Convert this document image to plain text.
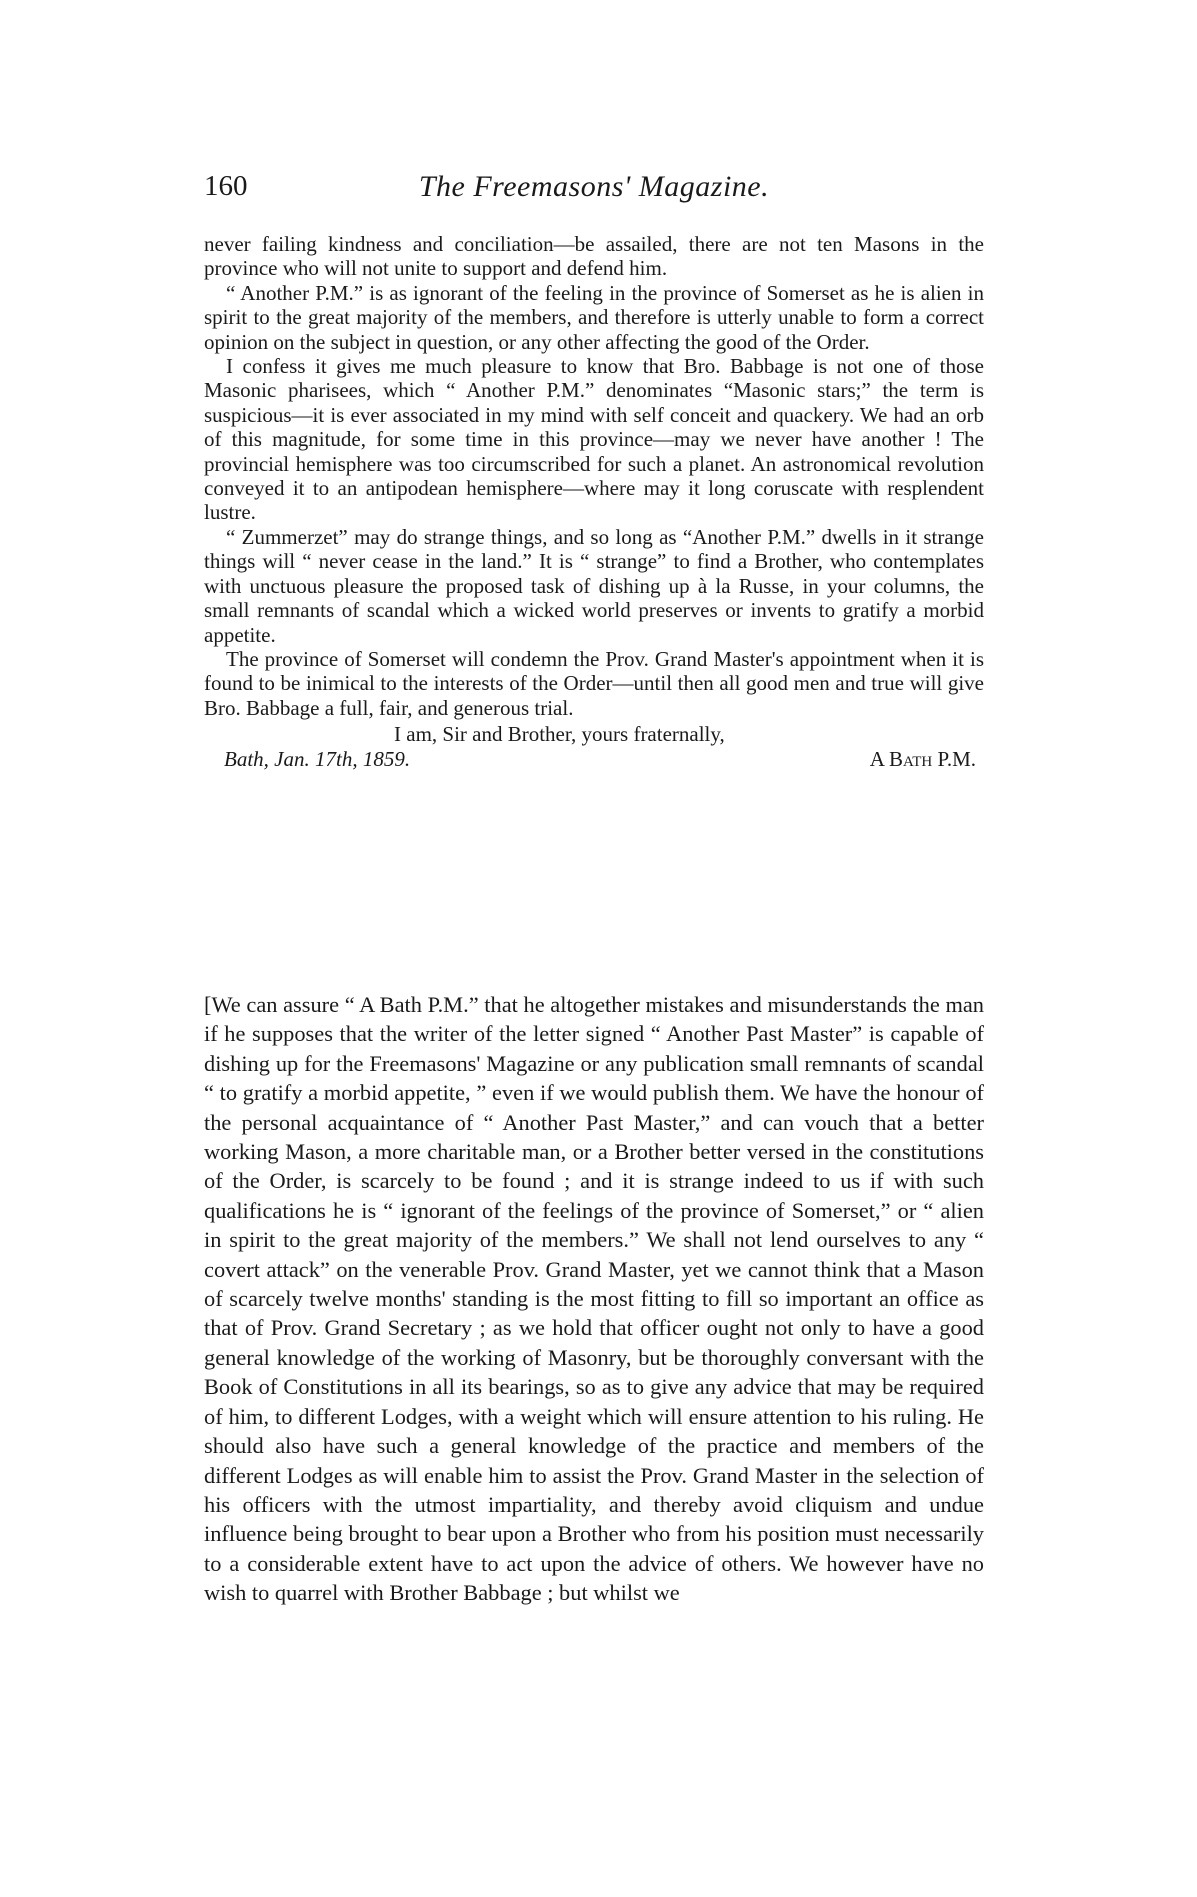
160	The Freemasons' Magazine.

never failing kindness and conciliation—be assailed, there are not ten Masons in the province who will not unite to support and defend him.

“ Another P.M.” is as ignorant of the feeling in the province of Somerset as he is alien in spirit to the great majority of the members, and therefore is utterly unable to form a correct opinion on the subject in question, or any other affecting the good of the Order.

I confess it gives me much pleasure to know that Bro. Babbage is not one of those Masonic pharisees, which “ Another P.M.” denominates “Masonic stars;” the term is suspicious—it is ever associated in my mind with self conceit and quackery. We had an orb of this magnitude, for some time in this province—may we never have another ! The provincial hemisphere was too circumscribed for such a planet. An astronomical revolution conveyed it to an antipodean hemisphere—where may it long coruscate with resplendent lustre.

“ Zummerzet” may do strange things, and so long as “Another P.M.” dwells in it strange things will “ never cease in the land.” It is “ strange” to find a Brother, who contemplates with unctuous pleasure the proposed task of dishing up à la Russe, in your columns, the small remnants of scandal which a wicked world preserves or invents to gratify a morbid appetite.

The province of Somerset will condemn the Prov. Grand Master's appointment when it is found to be inimical to the interests of the Order—until then all good men and true will give Bro. Babbage a full, fair, and generous trial.

I am, Sir and Brother, yours fraternally,
Bath, Jan. 17th, 1859.	A Bath P.M.

[We can assure “ A Bath P.M.” that he altogether mistakes and misunderstands the man if he supposes that the writer of the letter signed “ Another Past Master” is capable of dishing up for the Freemasons' Magazine or any publication small remnants of scandal “ to gratify a morbid appetite, ” even if we would publish them. We have the honour of the personal acquaintance of “ Another Past Master,” and can vouch that a better working Mason, a more charitable man, or a Brother better versed in the constitutions of the Order, is scarcely to be found ; and it is strange indeed to us if with such qualifications he is “ ignorant of the feelings of the province of Somerset,” or “ alien in spirit to the great majority of the members.” We shall not lend ourselves to any “ covert attack” on the venerable Prov. Grand Master, yet we cannot think that a Mason of scarcely twelve months' standing is the most fitting to fill so important an office as that of Prov. Grand Secretary ; as we hold that officer ought not only to have a good general knowledge of the working of Masonry, but be thoroughly conversant with the Book of Constitutions in all its bearings, so as to give any advice that may be required of him, to different Lodges, with a weight which will ensure attention to his ruling. He should also have such a general knowledge of the practice and members of the different Lodges as will enable him to assist the Prov. Grand Master in the selection of his officers with the utmost impartiality, and thereby avoid cliquism and undue influence being brought to bear upon a Brother who from his position must necessarily to a considerable extent have to act upon the advice of others. We however have no wish to quarrel with Brother Babbage ; but whilst we
